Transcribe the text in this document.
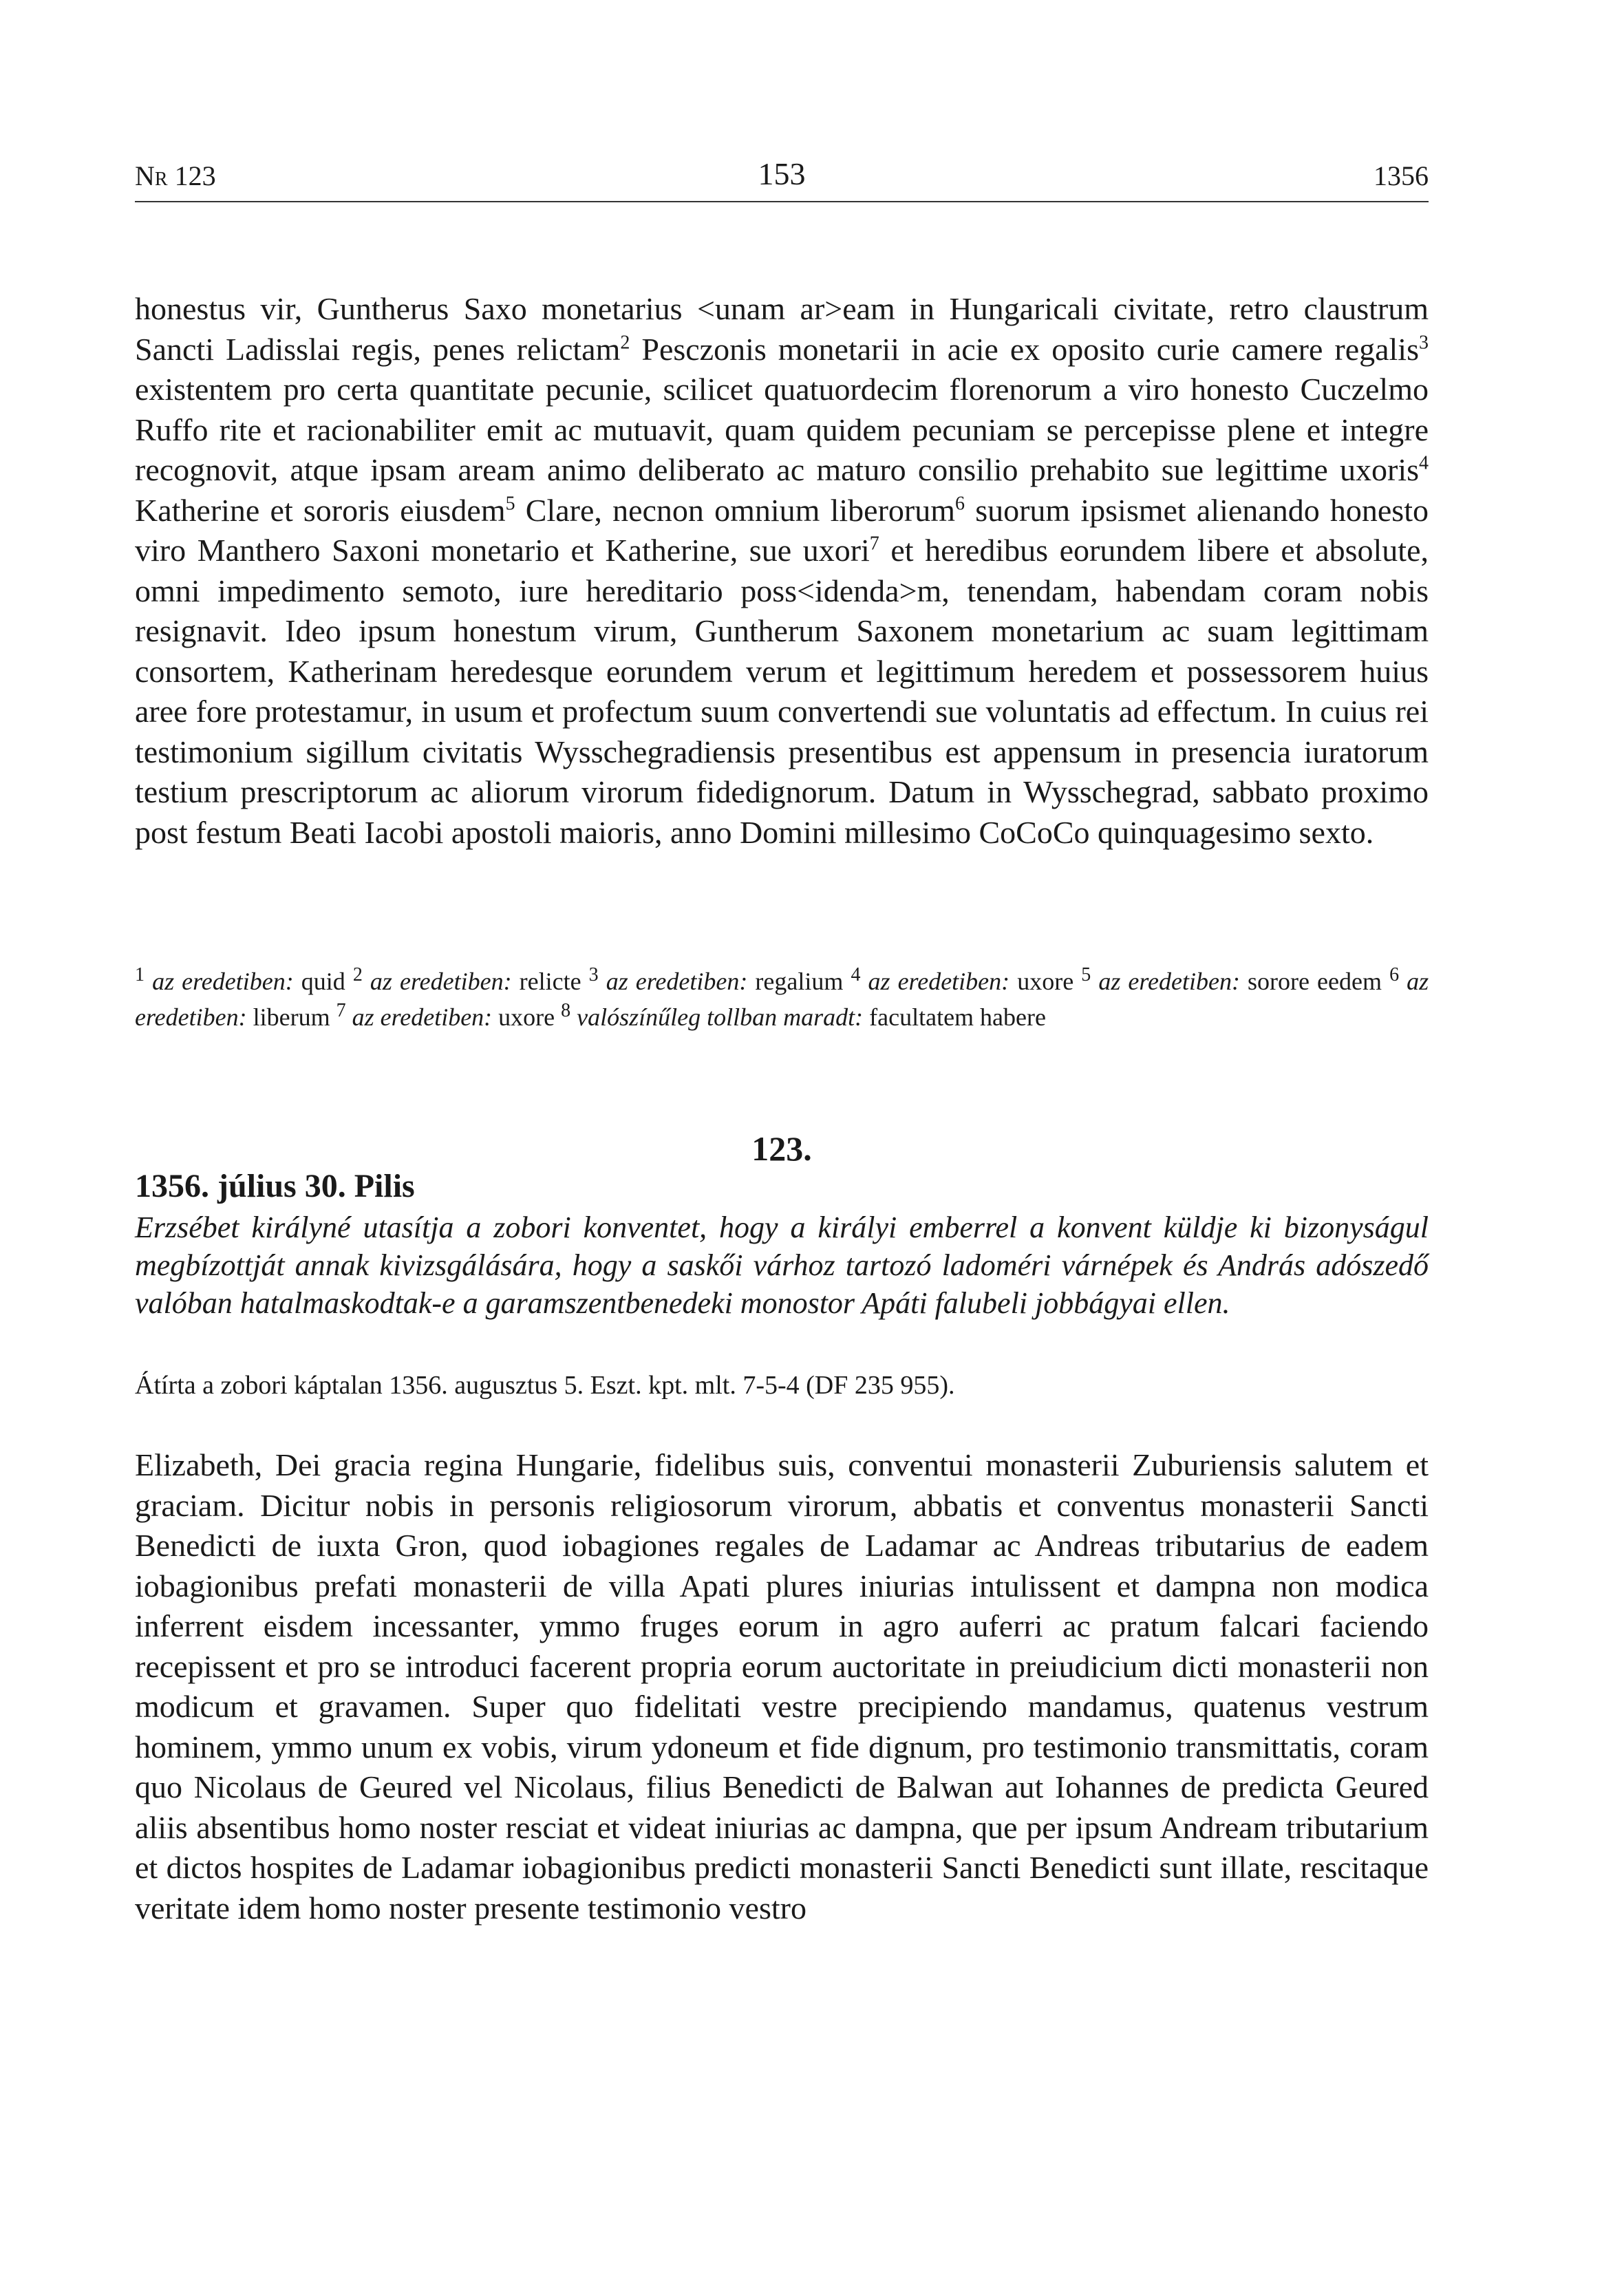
Nr 123	153	1356

honestus vir, Guntherus Saxo monetarius <unam ar>eam in Hungaricali civitate, retro claustrum Sancti Ladisslai regis, penes relictam$^2$ Pesczonis monetarii in acie ex oposito curie camere regalis$^3$ existentem pro certa quantitate pecunie, scilicet quatuordecim florenorum a viro honesto Cuczelmo Ruffo rite et racionabiliter emit ac mutuavit, quam quidem pecuniam se percepisse plene et integre recognovit, atque ipsam aream animo deliberato ac maturo consilio prehabito sue legittime uxoris$^4$ Katherine et sororis eiusdem$^5$ Clare, necnon omnium liberorum$^6$ suorum ipsismet alienando honesto viro Manthero Saxoni monetario et Katherine, sue uxori$^7$ et heredibus eorundem libere et absolute, omni impedimento semoto, iure hereditario poss<idenda>m, tenendam, habendam coram nobis resignavit. Ideo ipsum honestum virum, Guntherum Saxonem monetarium ac suam legittimam consortem, Katherinam heredesque eorundem verum et legittimum heredem et possessorem huius aree fore protestamur, in usum et profectum suum convertendi sue voluntatis ad effectum. In cuius rei testimonium sigillum civitatis Wysschegradiensis presentibus est appensum in presencia iuratorum testium prescriptorum ac aliorum virorum fidedignorum. Datum in Wysschegrad, sabbato proximo post festum Beati Iacobi apostoli maioris, anno Domini millesimo CoCoCo quinquagesimo sexto.

$^1$ az eredetiben: quid $^2$ az eredetiben: relicte $^3$ az eredetiben: regalium $^4$ az eredetiben: uxore $^5$ az eredetiben: sorore eedem $^6$ az eredetiben: liberum $^7$ az eredetiben: uxore $^8$ valószínűleg tollban maradt: facultatem habere
123.
1356. július 30. Pilis
Erzsébet királyné utasítja a zobori konventet, hogy a királyi emberrel a konvent küldje ki bizonyságul megbízottját annak kivizsgálására, hogy a saskői várhoz tartozó ladoméri várnépek és András adószedő valóban hatalmaskodtak-e a garamszentbenedeki monostor Apáti falubeli jobbágyai ellen.
Átírta a zobori káptalan 1356. augusztus 5. Eszt. kpt. mlt. 7-5-4 (DF 235 955).

Elizabeth, Dei gracia regina Hungarie, fidelibus suis, conventui monasterii Zuburiensis salutem et graciam. Dicitur nobis in personis religiosorum virorum, abbatis et conventus monasterii Sancti Benedicti de iuxta Gron, quod iobagiones regales de Ladamar ac Andreas tributarius de eadem iobagionibus prefati monasterii de villa Apati plures iniurias intulissent et dampna non modica inferrent eisdem incessanter, ymmo fruges eorum in agro auferri ac pratum falcari faciendo recepissent et pro se introduci facerent propria eorum auctoritate in preiudicium dicti monasterii non modicum et gravamen. Super quo fidelitati vestre precipiendo mandamus, quatenus vestrum hominem, ymmo unum ex vobis, virum ydoneum et fide dignum, pro testimonio transmittatis, coram quo Nicolaus de Geured vel Nicolaus, filius Benedicti de Balwan aut Iohannes de predicta Geured aliis absentibus homo noster resciat et videat iniurias ac dampna, que per ipsum Andream tributarium et dictos hospites de Ladamar iobagionibus predicti monasterii Sancti Benedicti sunt illate, rescitaque veritate idem homo noster presente testimonio vestro
